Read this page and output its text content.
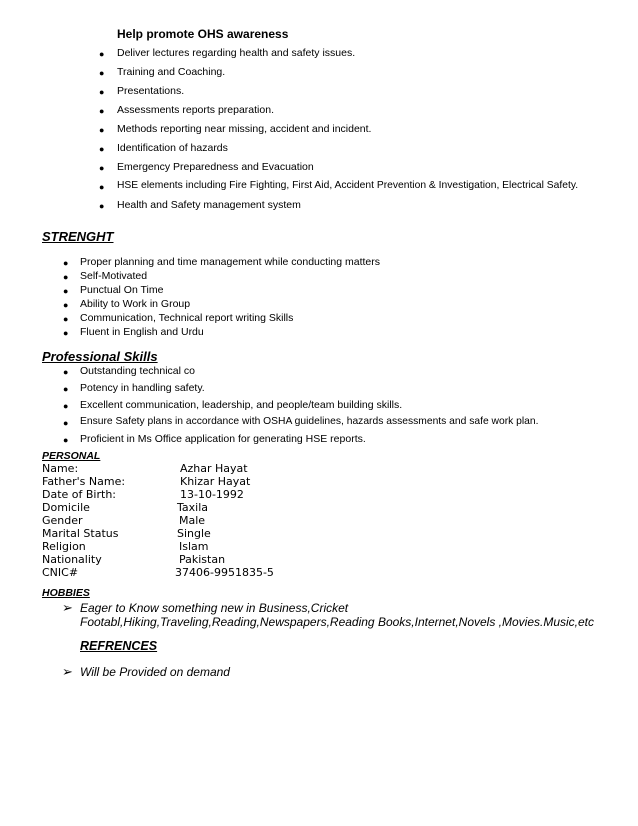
Help promote OHS awareness
● Deliver lectures regarding health and safety issues.
● Training and Coaching.
● Presentations.
● Assessments reports preparation.
● Methods reporting near missing, accident and incident.
● Identification of hazards
● Emergency Preparedness and Evacuation
● HSE elements including Fire Fighting, First Aid, Accident Prevention & Investigation, Electrical Safety.
● Health and Safety management system
STRENGHT
● Proper planning and time management while conducting matters
● Self-Motivated
● Punctual On Time
● Ability to Work in Group
● Communication, Technical report writing Skills
● Fluent in English and Urdu
Professional Skills
● Outstanding technical co
● Potency in handling safety.
● Excellent communication, leadership, and people/team building skills.
● Ensure Safety plans in accordance with OSHA guidelines, hazards assessments and safe work plan.
● Proficient in Ms Office application for generating HSE reports.
PERSONAL
Name:	Azhar Hayat
Father's Name:	Khizar Hayat
Date of Birth:	13-10-1992
Domicile	Taxila
Gender	Male
Marital Status	Single
Religion	Islam
Nationality	Pakistan
CNIC#	37406-9951835-5
HOBBIES
➢ Eager to Know something new in Business,Cricket
Footabl,Hiking,Traveling,Reading,Newspapers,Reading Books,Internet,Novels ,Movies.Music,etc
REFRENCES
➢ Will be Provided on demand
